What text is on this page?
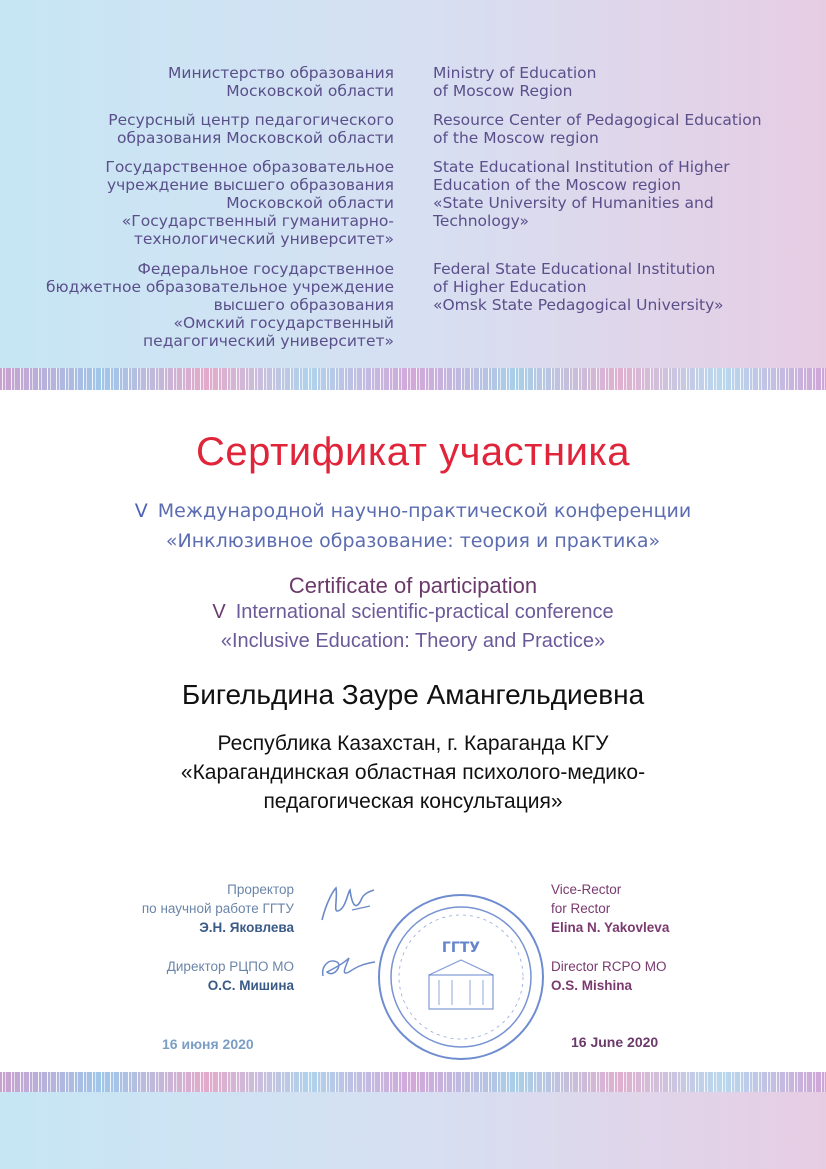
Министерство образования
Московской области
Ресурсный центр педагогического
образования Московской области
Государственное образовательное
учреждение высшего образования
Московской области
«Государственный гуманитарно-
технологический университет»
Федеральное государственное
бюджетное образовательное учреждение
высшего образования
«Омский государственный
педагогический университет»
Ministry of Education
of Moscow Region
Resource Center of Pedagogical Education
of the Moscow region
State Educational Institution of Higher
Education of the Moscow region
«State University of Humanities and
Technology»
Federal State Educational Institution
of Higher Education
«Omsk State Pedagogical University»
Сертификат участника
V Международной научно-практической конференции
«Инклюзивное образование: теория и практика»
Certificate of participation
V International scientific-practical conference
«Inclusive Education: Theory and Practice»
Бигельдина Зауре Амангельдиевна
Республика Казахстан, г. Караганда КГУ
«Карагандинская областная психолого-медико-
педагогическая консультация»
Проректор
по научной работе ГГТУ
Э.Н. Яковлева
Директор РЦПО МО
О.С. Мишина
Vice-Rector
for Rector
Elina N. Yakovleva
Director RCPO MO
O.S. Mishina
ГГТУ
16 июня 2020	16 June 2020
